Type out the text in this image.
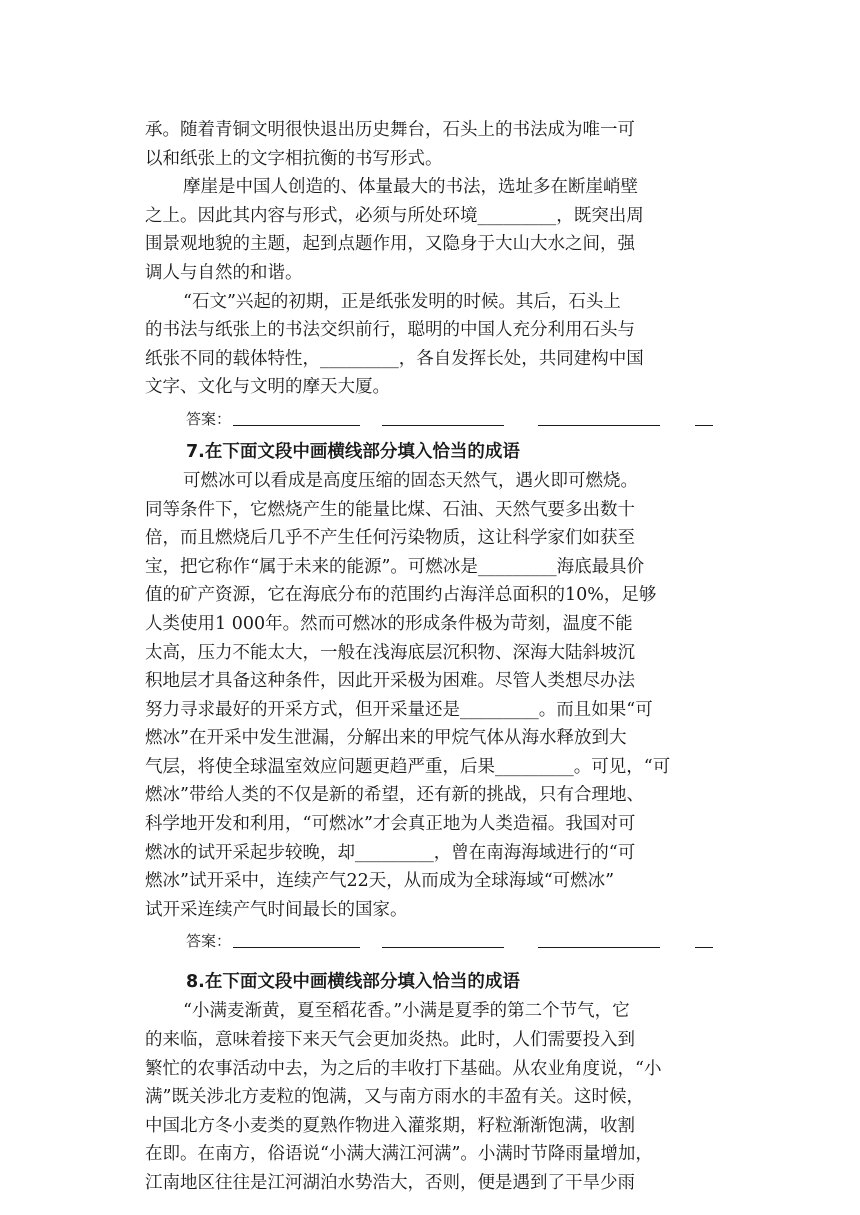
承。随着青铜文明很快退出历史舞台，石头上的书法成为唯一可
以和纸张上的文字相抗衡的书写形式。
摩崖是中国人创造的、体量最大的书法，选址多在断崖峭壁
之上。因此其内容与形式，必须与所处环境_________，既突出周
围景观地貌的主题，起到点题作用，又隐身于大山大水之间，强
调人与自然的和谐。
“石文”兴起的初期，正是纸张发明的时候。其后，石头上
的书法与纸张上的书法交织前行，聪明的中国人充分利用石头与
纸张不同的载体特性，_________，各自发挥长处，共同建构中国
文字、文化与文明的摩天大厦。
答案：
7.在下面文段中画横线部分填入恰当的成语
可燃冰可以看成是高度压缩的固态天然气，遇火即可燃烧。
同等条件下，它燃烧产生的能量比煤、石油、天然气要多出数十
倍，而且燃烧后几乎不产生任何污染物质，这让科学家们如获至
宝，把它称作“属于未来的能源”。可燃冰是_________海底最具价
值的矿产资源，它在海底分布的范围约占海洋总面积的10%，足够
人类使用1 000年。然而可燃冰的形成条件极为苛刻，温度不能
太高，压力不能太大，一般在浅海底层沉积物、深海大陆斜坡沉
积地层才具备这种条件，因此开采极为困难。尽管人类想尽办法
努力寻求最好的开采方式，但开采量还是_________。而且如果“可
燃冰”在开采中发生泄漏，分解出来的甲烷气体从海水释放到大
气层，将使全球温室效应问题更趋严重，后果_________。可见，“可
燃冰”带给人类的不仅是新的希望，还有新的挑战，只有合理地、
科学地开发和利用，“可燃冰”才会真正地为人类造福。我国对可
燃冰的试开采起步较晚，却_________，曾在南海海域进行的“可
燃冰”试开采中，连续产气22天，从而成为全球海域“可燃冰”
试开采连续产气时间最长的国家。
答案：
8.在下面文段中画横线部分填入恰当的成语
“小满麦渐黄，夏至稻花香。”小满是夏季的第二个节气，它
的来临，意味着接下来天气会更加炎热。此时，人们需要投入到
繁忙的农事活动中去，为之后的丰收打下基础。从农业角度说，“小
满”既关涉北方麦粒的饱满，又与南方雨水的丰盈有关。这时候，
中国北方冬小麦类的夏熟作物进入灌浆期，籽粒渐渐饱满，收割
在即。在南方，俗语说“小满大满江河满”。小满时节降雨量增加，
江南地区往往是江河湖泊水势浩大，否则，便是遇到了干旱少雨
